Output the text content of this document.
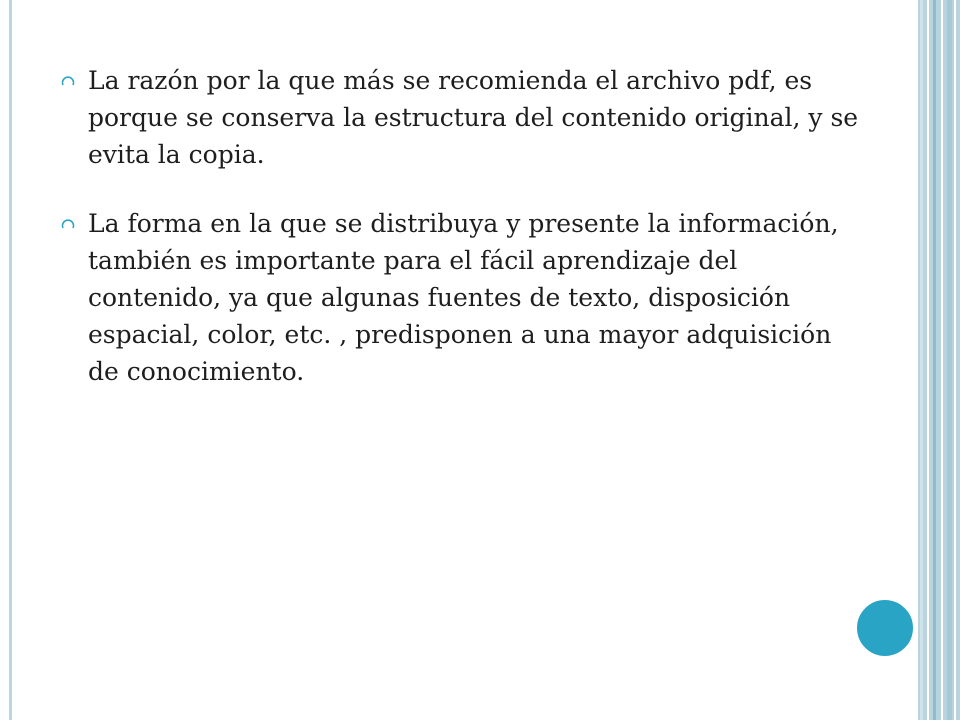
La razón por la que más se recomienda el archivo pdf, es porque se conserva la estructura del contenido original, y se evita la copia.
La forma en la que se distribuya y presente la información, también es importante para el fácil aprendizaje del contenido, ya que algunas fuentes de texto, disposición espacial, color, etc. , predisponen a una mayor adquisición de conocimiento.
